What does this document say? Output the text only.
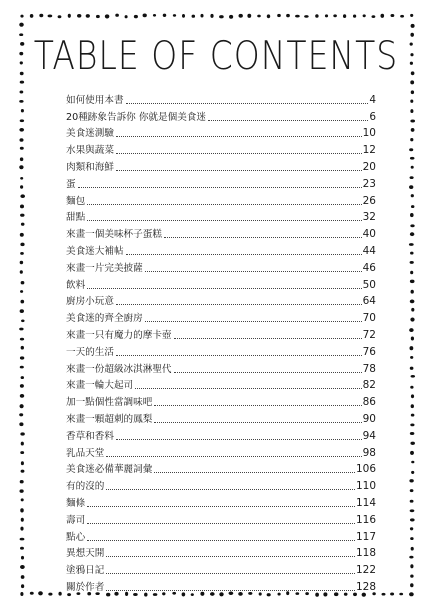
TABLE OF CONTENTS
如何使用本書	4
20種跡象告訴你 你就是個美食迷	6
美食迷測驗	10
水果與蔬菜	12
肉類和海鮮	20
蛋	23
麵包	26
甜點	32
來畫一個美味杯子蛋糕	40
美食迷大補帖	44
來畫一片完美披薩	46
飲料	50
廚房小玩意	64
美食迷的齊全廚房	70
來畫一只有魔力的摩卡壺	72
一天的生活	76
來畫一份超級冰淇淋聖代	78
來畫一輪大起司	82
加一點個性當調味吧	86
來畫一顆超刺的鳳梨	90
香草和香料	94
乳品天堂	98
美食迷必備華麗詞彙	106
有的沒的	110
麵條	114
壽司	116
點心	117
異想天開	118
塗鴉日記	122
關於作者	128
